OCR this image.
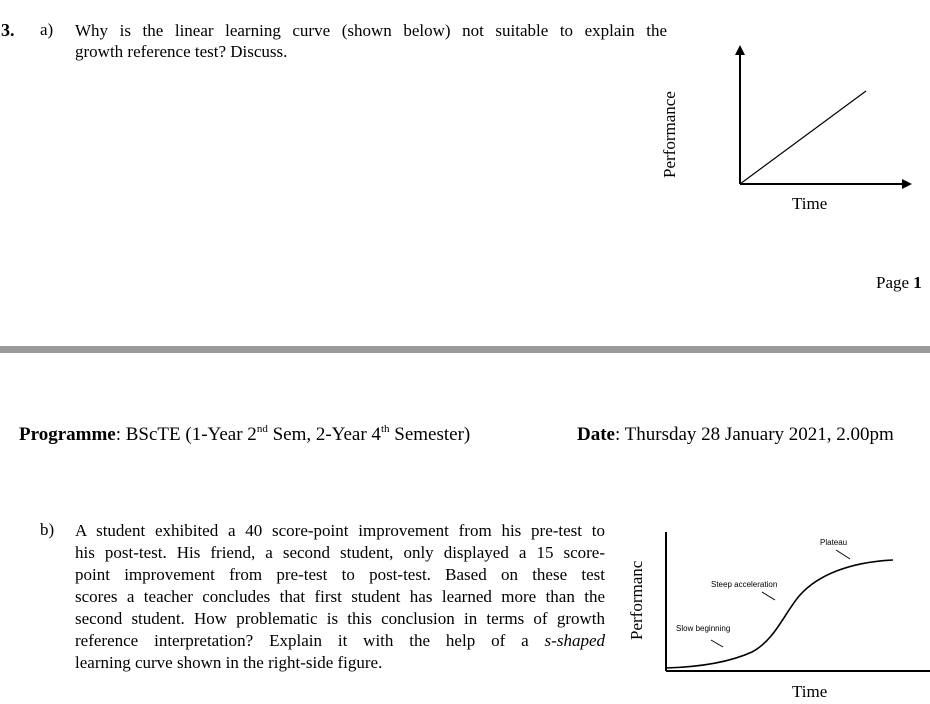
3. a) Why is the linear learning curve (shown below) not suitable to explain the
growth reference test? Discuss.
Performance
Time
Page 1
Programme: BScTE (1-Year 2nd Sem, 2-Year 4th Semester)	Date: Thursday 28 January 2021, 2.00pm
b) A student exhibited a 40 score-point improvement from his pre-test to
his post-test. His friend, a second student, only displayed a 15 score-
point improvement from pre-test to post-test. Based on these test
scores a teacher concludes that first student has learned more than the
second student. How problematic is this conclusion in terms of growth
reference interpretation? Explain it with the help of a s-shaped
learning curve shown in the right-side figure.
Plateau
Steep acceleration
Slow beginning
Performanc
Time
